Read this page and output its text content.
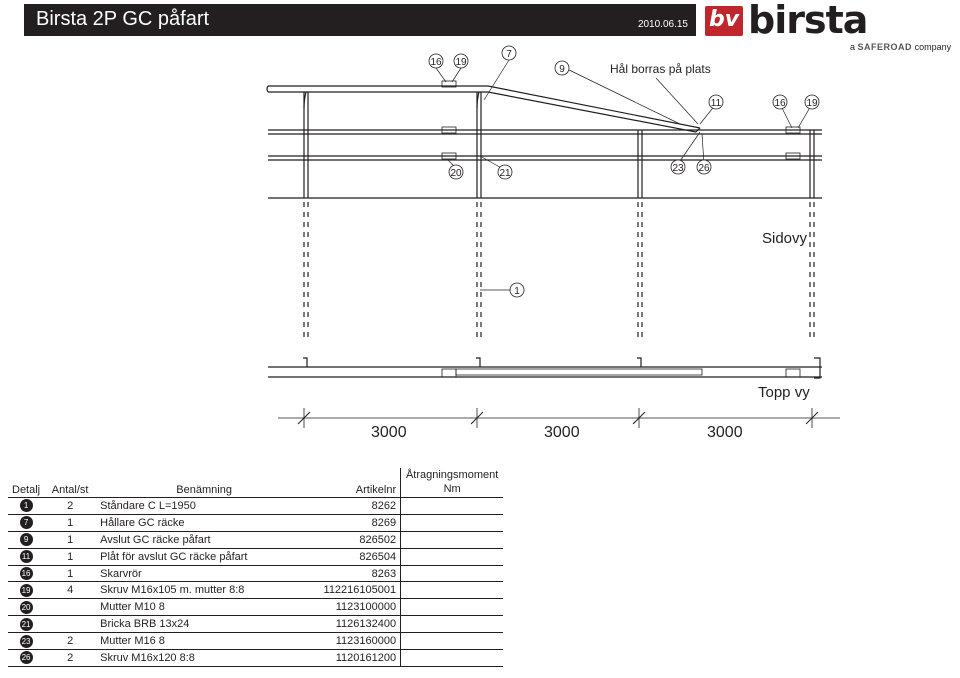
Birsta 2P GC påfart	2010.06.15 bv birsta
a SAFEROAD company
16 19
7
9
11	16 19
20	21	23 26
1
Hål borras på plats
Sidovy
Topp vy
3000	3000	3000
Detalj	Antal/st	Benämning	Artikelnr	Åtragningsmoment
Nm
1	2	Ståndare C L=1950	8262	
7	1	Hållare GC räcke	8269	
9	1	Avslut GC räcke påfart	826502	
11	1	Plåt för avslut GC räcke påfart	826504	
16	1	Skarvrör	8263	
19	4	Skruv M16x105 m. mutter 8:8	112216105001	
20		Mutter M10 8	1123100000	
21		Bricka BRB 13x24	1126132400	
23	2	Mutter M16 8	1123160000	
26	2	Skruv M16x120 8:8	1120161200	
